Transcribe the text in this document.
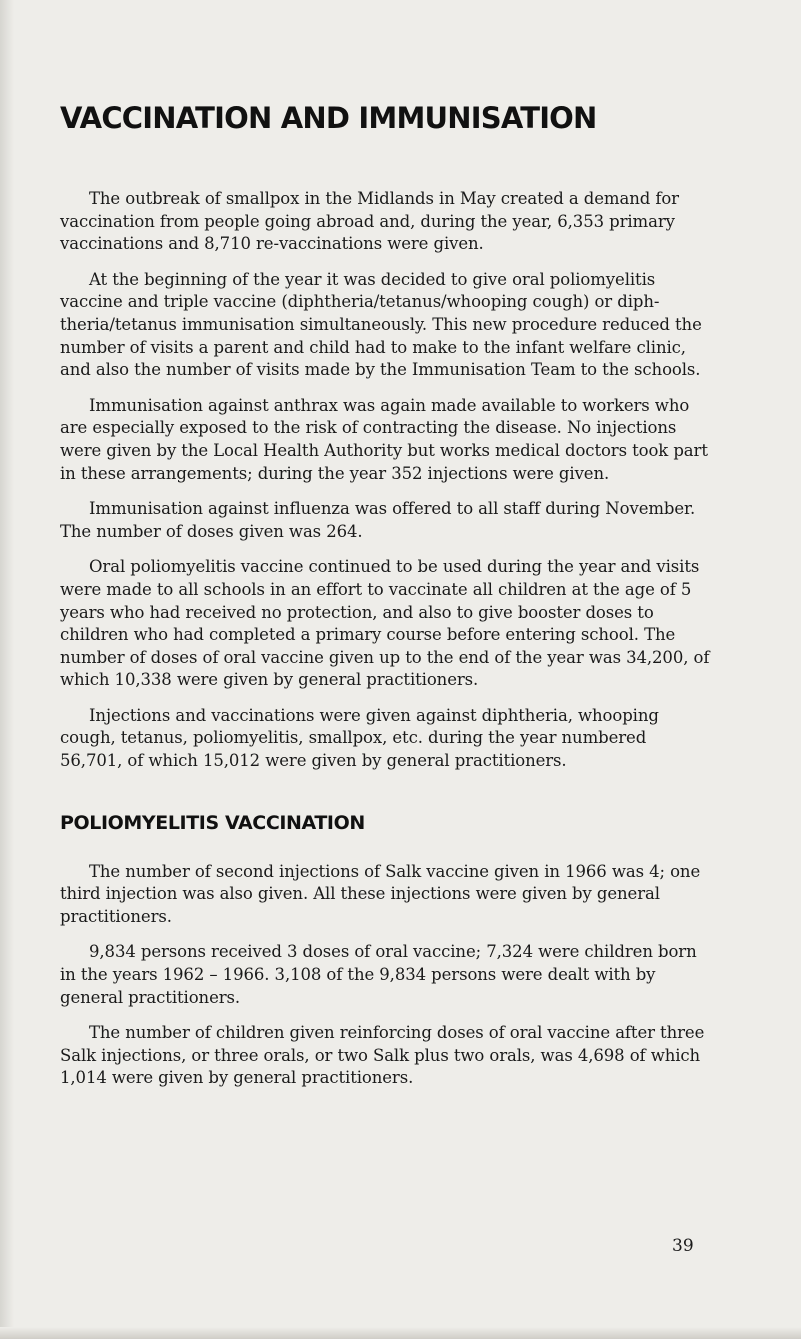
VACCINATION AND IMMUNISATION

The outbreak of smallpox in the Midlands in May created a demand for vaccination from people going abroad and, during the year, 6,353 primary vaccinations and 8,710 re-vaccinations were given.

At the beginning of the year it was decided to give oral poliomyelitis vaccine and triple vaccine (diphtheria/tetanus/whooping cough) or diphtheria/tetanus immunisation simultaneously. This new procedure reduced the number of visits a parent and child had to make to the infant welfare clinic, and also the number of visits made by the Immunisation Team to the schools.

Immunisation against anthrax was again made available to workers who are especially exposed to the risk of contracting the disease. No injections were given by the Local Health Authority but works medical doctors took part in these arrangements; during the year 352 injections were given.

Immunisation against influenza was offered to all staff during November. The number of doses given was 264.

Oral poliomyelitis vaccine continued to be used during the year and visits were made to all schools in an effort to vaccinate all children at the age of 5 years who had received no protection, and also to give booster doses to children who had completed a primary course before entering school. The number of doses of oral vaccine given up to the end of the year was 34,200, of which 10,338 were given by general practitioners.

Injections and vaccinations were given against diphtheria, whooping cough, tetanus, poliomyelitis, smallpox, etc. during the year numbered 56,701, of which 15,012 were given by general practitioners.

POLIOMYELITIS VACCINATION

The number of second injections of Salk vaccine given in 1966 was 4; one third injection was also given. All these injections were given by general practitioners.

9,834 persons received 3 doses of oral vaccine; 7,324 were children born in the years 1962 – 1966. 3,108 of the 9,834 persons were dealt with by general practitioners.

The number of children given reinforcing doses of oral vaccine after three Salk injections, or three orals, or two Salk plus two orals, was 4,698 of which 1,014 were given by general practitioners.

39
